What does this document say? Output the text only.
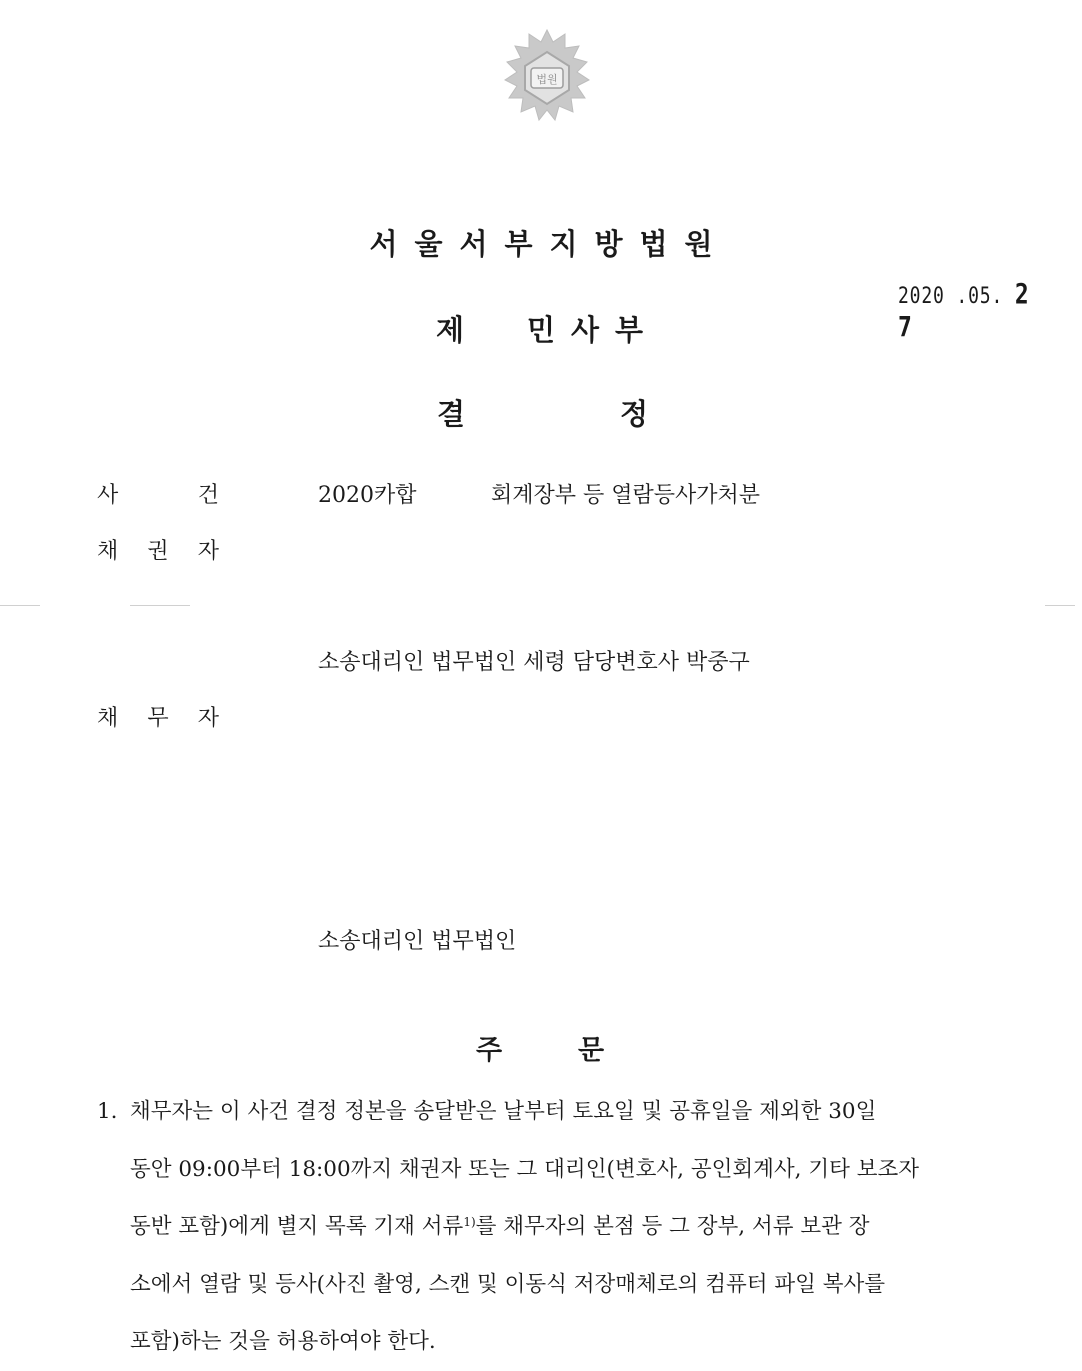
법원
서울서부지방법원
2020 .05. 2 7
제 민사부
결	정
사	건	2020카합	회계장부 등 열람등사가처분
채 권 자
소송대리인 법무법인 세령 담당변호사 박중구
채 무 자
소송대리인 법무법인
주	문
1. 채무자는 이 사건 결정 정본을 송달받은 날부터 토요일 및 공휴일을 제외한 30일
동안 09:00부터 18:00까지 채권자 또는 그 대리인(변호사, 공인회계사, 기타 보조자
동반 포함)에게 별지 목록 기재 서류$^{1)}$를 채무자의 본점 등 그 장부, 서류 보관 장
소에서 열람 및 등사(사진 촬영, 스캔 및 이동식 저장매체로의 컴퓨터 파일 복사를
포함)하는 것을 허용하여야 한다.
